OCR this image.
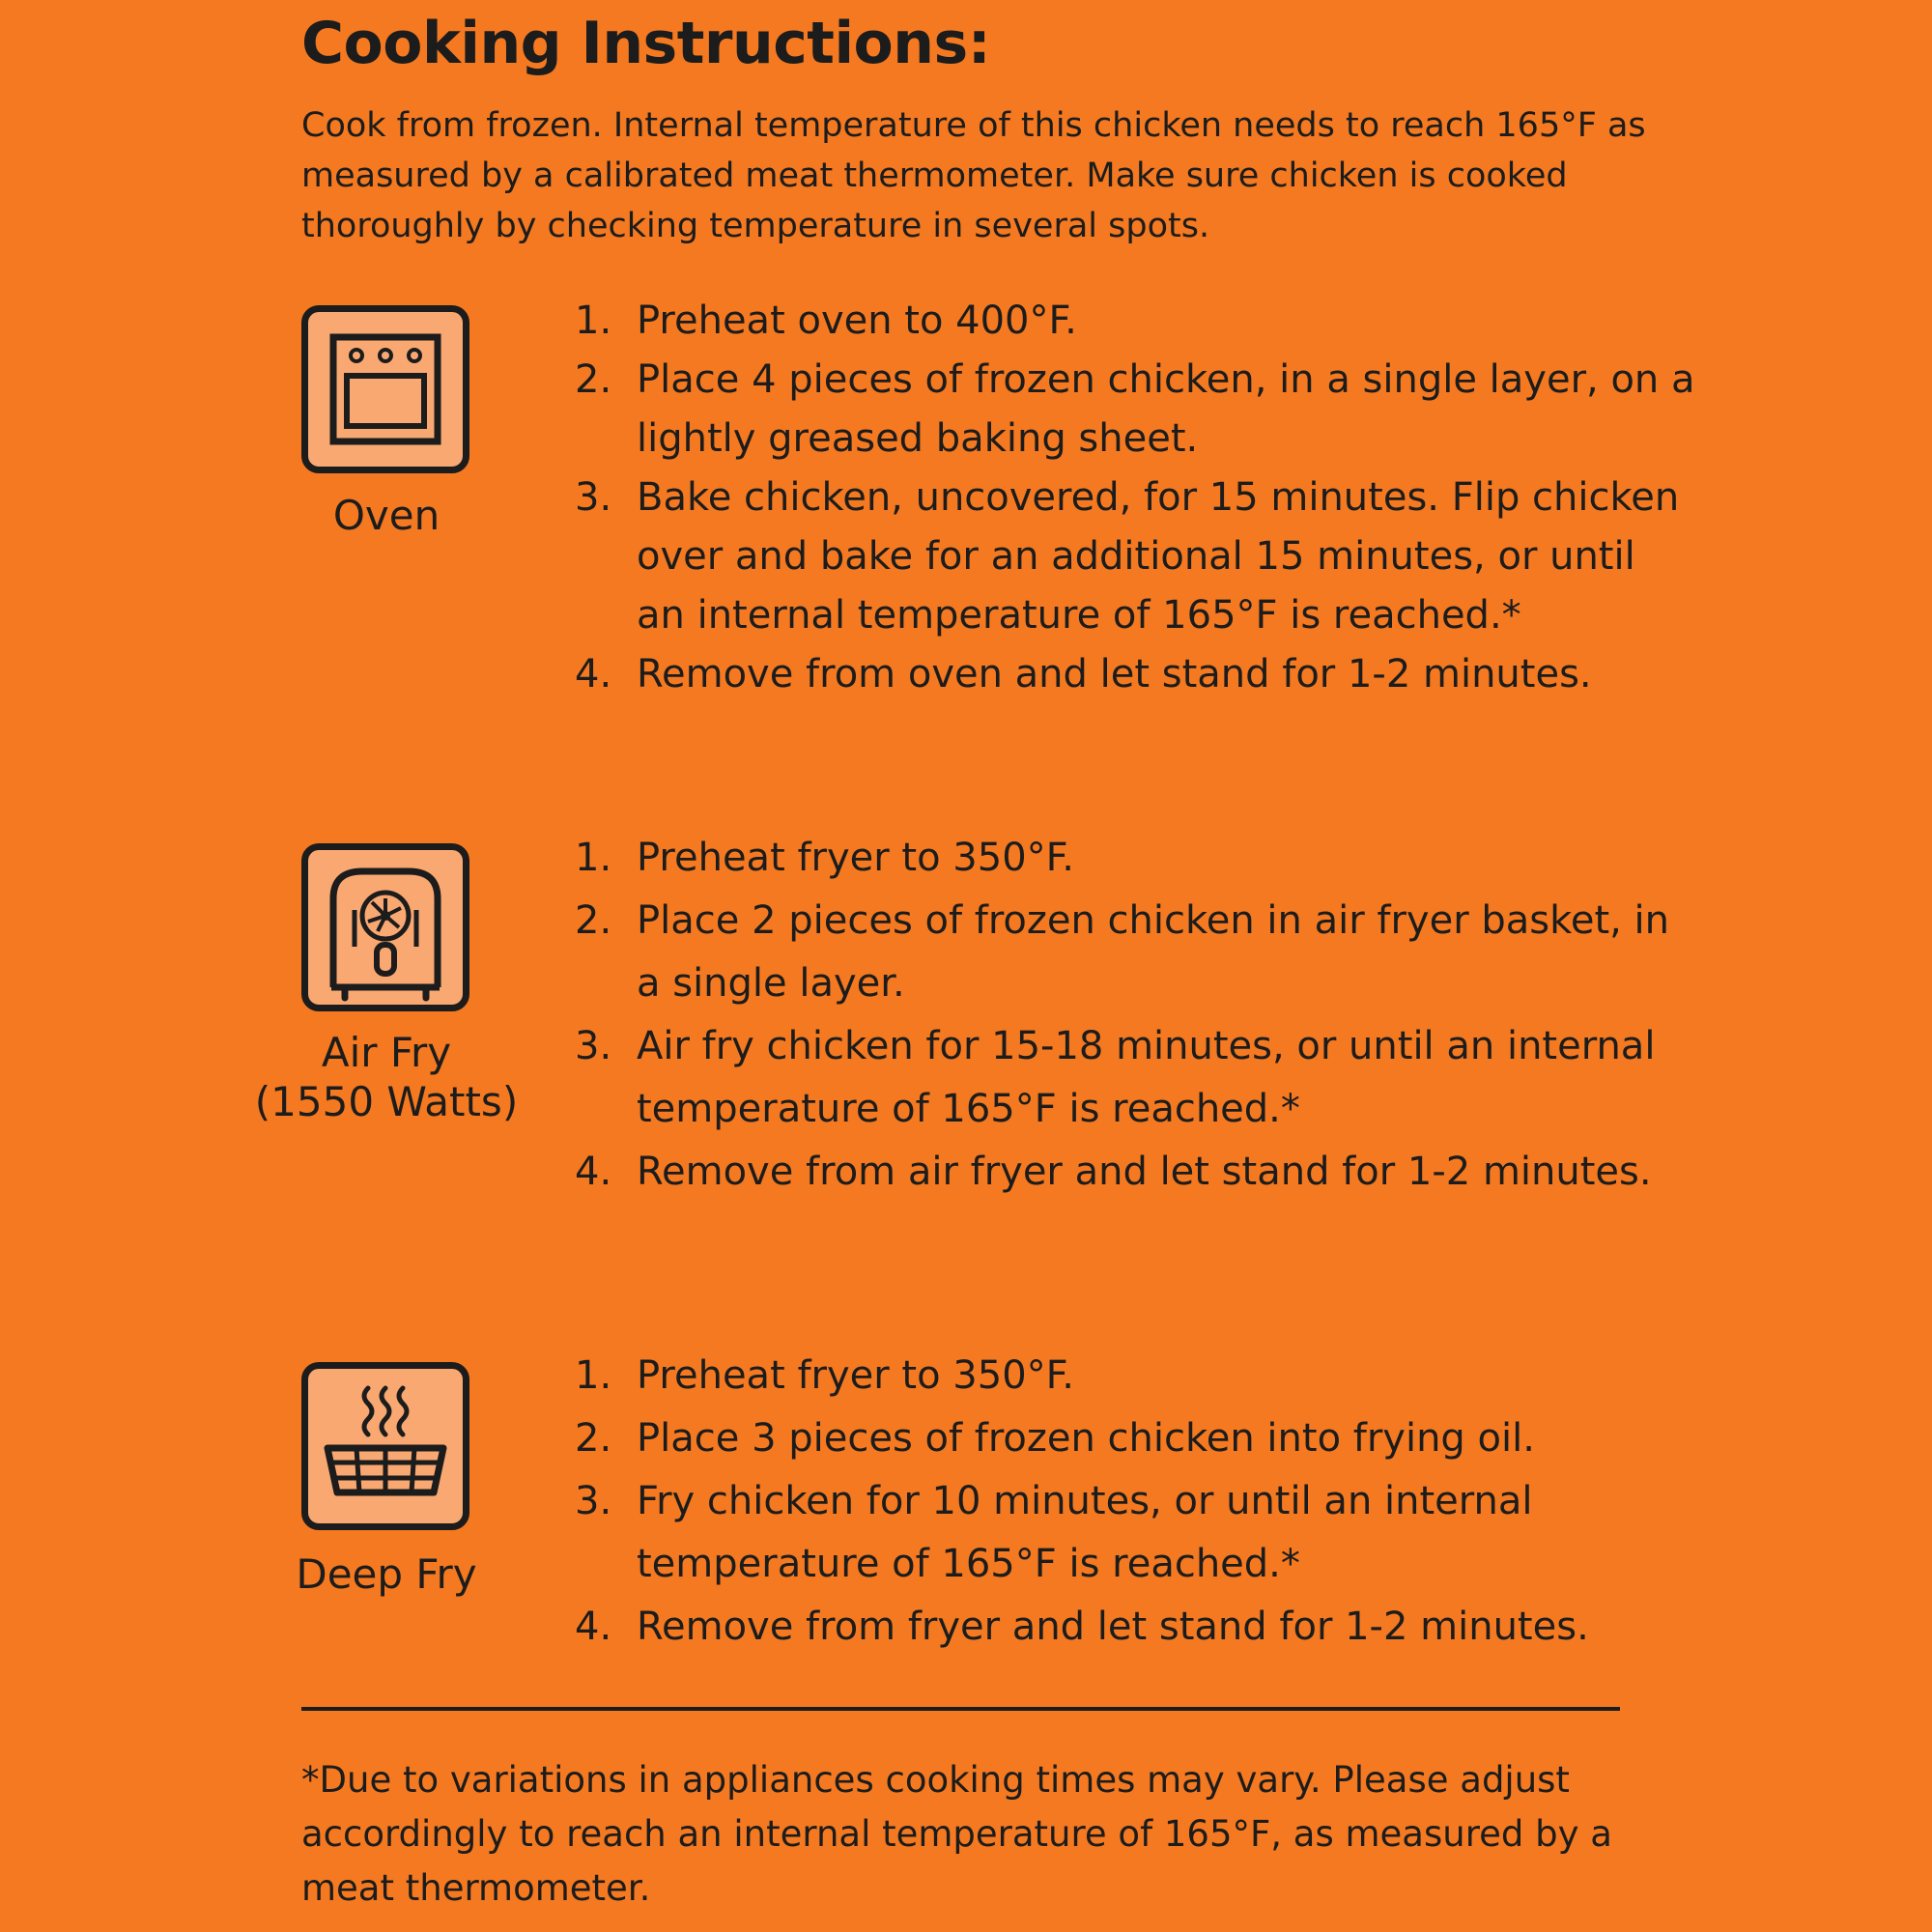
Cooking Instructions:

Cook from frozen. Internal temperature of this chicken needs to reach 165°F as measured by a calibrated meat thermometer. Make sure chicken is cooked thoroughly by checking temperature in several spots.

Oven
1. Preheat oven to 400°F.
2. Place 4 pieces of frozen chicken, in a single layer, on a lightly greased baking sheet.
3. Bake chicken, uncovered, for 15 minutes. Flip chicken over and bake for an additional 15 minutes, or until an internal temperature of 165°F is reached.*
4. Remove from oven and let stand for 1-2 minutes.
Air Fry
(1550 Watts)
1. Preheat fryer to 350°F.
2. Place 2 pieces of frozen chicken in air fryer basket, in a single layer.
3. Air fry chicken for 15-18 minutes, or until an internal temperature of 165°F is reached.*
4. Remove from air fryer and let stand for 1-2 minutes.
Deep Fry
1. Preheat fryer to 350°F.
2. Place 3 pieces of frozen chicken into frying oil.
3. Fry chicken for 10 minutes, or until an internal temperature of 165°F is reached.*
4. Remove from fryer and let stand for 1-2 minutes.

*Due to variations in appliances cooking times may vary. Please adjust accordingly to reach an internal temperature of 165°F, as measured by a meat thermometer.
